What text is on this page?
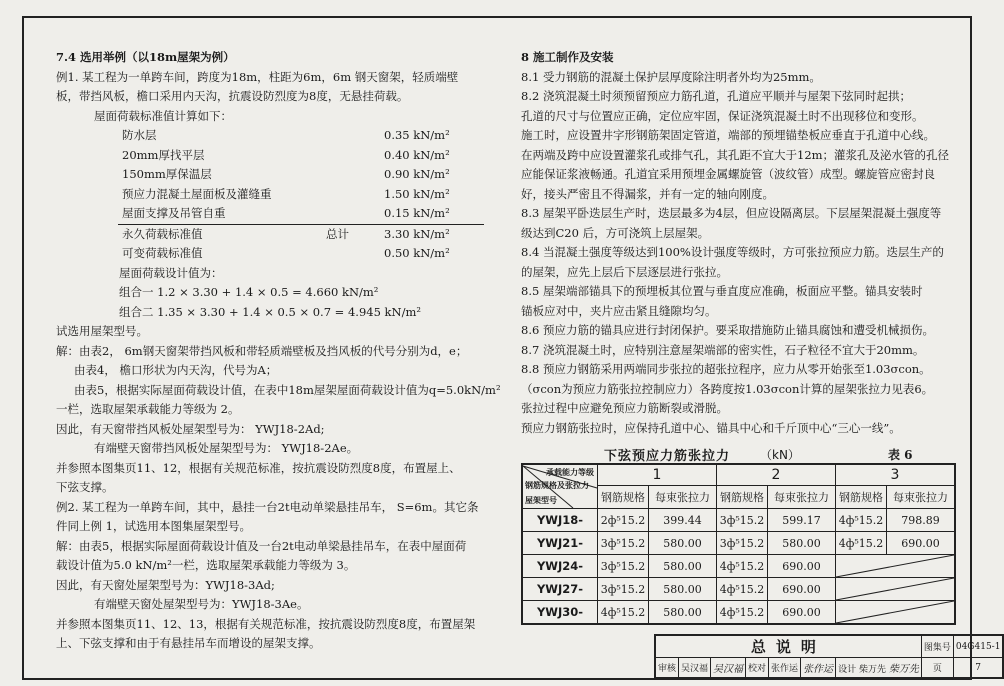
7.4 选用举例（以18m屋架为例）
例1. 某工程为一单跨车间，跨度为18m，柱距为6m，6m 钢天窗架，轻质端壁
板，带挡风板，檐口采用内天沟，抗震设防烈度为8度，无悬挂荷载。
屋面荷载标准值计算如下：
防水层		0.35 kN/m²
20mm厚找平层		0.40 kN/m²
150mm厚保温层		0.90 kN/m²
预应力混凝土屋面板及灌缝重		1.50 kN/m²
屋面支撑及吊管自重		0.15 kN/m²
永久荷载标准值	总计	3.30 kN/m²
可变荷载标准值		0.50 kN/m²
屋面荷载设计值为：
组合一 1.2 × 3.30 + 1.4 × 0.5 = 4.660 kN/m²
组合二 1.35 × 3.30 + 1.4 × 0.5 × 0.7 = 4.945 kN/m²
试选用屋架型号。
解：由表2， 6m钢天窗架带挡风板和带轻质端壁板及挡风板的代号分别为d，e；
由表4， 檐口形状为内天沟，代号为A；
由表5，根据实际屋面荷载设计值，在表中18m屋架屋面荷载设计值为q=5.0kN/m²
一栏，选取屋架承载能力等级为 2。
因此，有天窗带挡风板处屋架型号为： YWJ18-2Ad;
有端壁天窗带挡风板处屋架型号为： YWJ18-2Ae。
并参照本图集页11、12，根据有关规范标准，按抗震设防烈度8度，布置屋上、
下弦支撑。
例2. 某工程为一单跨车间，其中，悬挂一台2t电动单梁悬挂吊车， S=6m。其它条
件同上例 1，试选用本图集屋架型号。
解：由表5，根据实际屋面荷载设计值及一台2t电动单梁悬挂吊车，在表中屋面荷
载设计值为5.0 kN/m²一栏，选取屋架承载能力等级为 3。
因此，有天窗处屋架型号为：YWJ18-3Ad;
有端壁天窗处屋架型号为：YWJ18-3Ae。
并参照本图集页11、12、13，根据有关规范标准，按抗震设防烈度8度，布置屋架
上、下弦支撑和由于有悬挂吊车而增设的屋架支撑。
8 施工制作及安装
8.1 受力钢筋的混凝土保护层厚度除注明者外均为25mm。
8.2 浇筑混凝土时须预留预应力筋孔道，孔道应平顺并与屋架下弦同时起拱；
孔道的尺寸与位置应正确，定位应牢固，保证浇筑混凝土时不出现移位和变形。
施工时，应设置井字形钢筋架固定管道，端部的预埋锚垫板应垂直于孔道中心线。
在两端及跨中应设置灌浆孔或排气孔，其孔距不宜大于12m；灌浆孔及泌水管的孔径
应能保证浆液畅通。孔道宜采用预埋金属螺旋管（波纹管）成型。螺旋管应密封良
好，接头严密且不得漏浆，并有一定的轴向刚度。
8.3 屋架平卧迭层生产时，迭层最多为4层，但应设隔离层。下层屋架混凝土强度等
级达到C20 后，方可浇筑上层屋架。
8.4 当混凝土强度等级达到100%设计强度等级时，方可张拉预应力筋。迭层生产的
的屋架，应先上层后下层逐层进行张拉。
8.5 屋架端部锚具下的预埋板其位置与垂直度应准确，板面应平整。锚具安装时
锚板应对中，夹片应击紧且缝隙均匀。
8.6 预应力筋的锚具应进行封闭保护。要采取措施防止锚具腐蚀和遭受机械损伤。
8.7 浇筑混凝土时，应特别注意屋架端部的密实性，石子粒径不宜大于20mm。
8.8 预应力钢筋采用两端同步张拉的超张拉程序，应力从零开始张至1.03σcon。
（σcon为预应力筋张拉控制应力）各跨度按1.03σcon计算的屋架张拉力见表6。
张拉过程中应避免预应力筋断裂或滑脱。
预应力钢筋张拉时，应保持孔道中心、锚具中心和千斤顶中心“三心一线”。
下弦预应力筋张拉力 （kN）	表 6
承载能力等级
钢筋规格及张拉力
屋架型号	1		2		3	
	钢筋规格	每束张拉力	钢筋规格	每束张拉力	钢筋规格	每束张拉力
YWJ18-	2ф⁵15.2	399.44	3ф⁵15.2	599.17	4ф⁵15.2	798.89
YWJ21-	3ф⁵15.2	580.00	3ф⁵15.2	580.00	4ф⁵15.2	690.00
YWJ24-	3ф⁵15.2	580.00	4ф⁵15.2	690.00	

YWJ27-	3ф⁵15.2	580.00	4ф⁵15.2	690.00	

YWJ30-	4ф⁵15.2	580.00	4ф⁵15.2	690.00	
总说明							图集号	04G415-1
审核	吴汉福	吴汉福	校对	张作运	张作运	设计 柴万先 柴万先	页	7
